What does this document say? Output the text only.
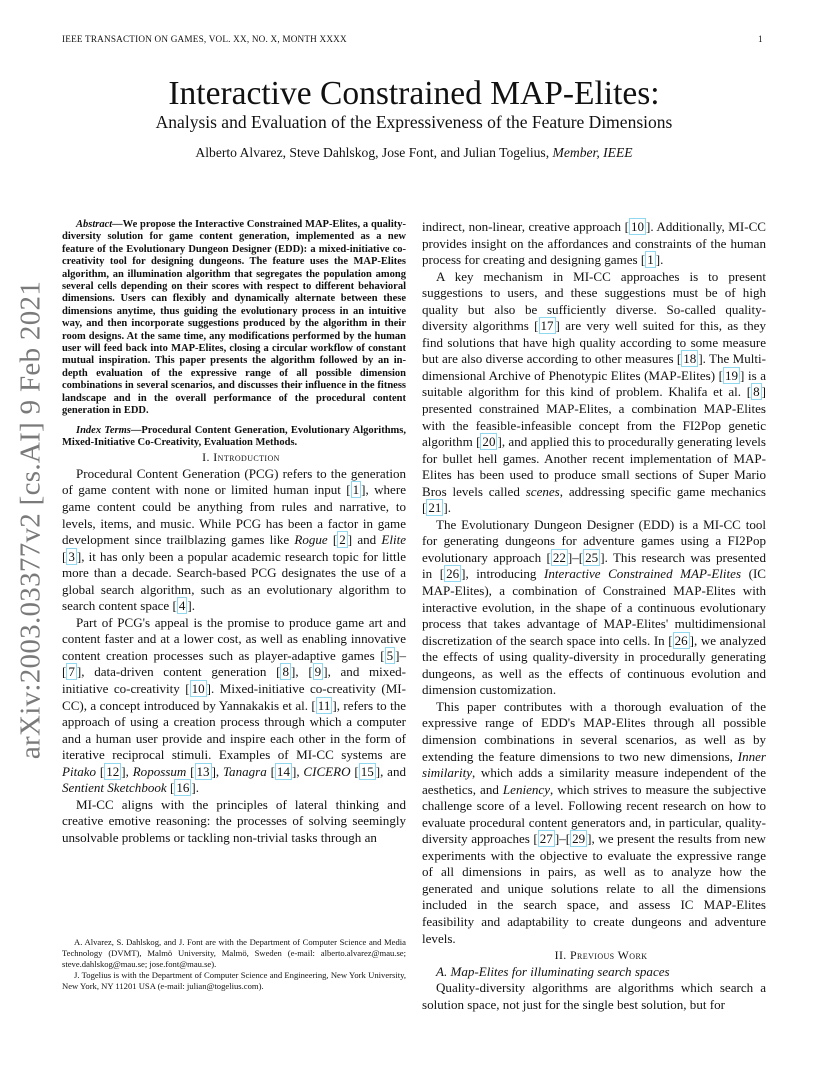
IEEE TRANSACTION ON GAMES, VOL. XX, NO. X, MONTH XXXX	1
arXiv:2003.03377v2 [cs.AI] 9 Feb 2021
Interactive Constrained MAP-Elites:
Analysis and Evaluation of the Expressiveness of the Feature Dimensions
Alberto Alvarez, Steve Dahlskog, Jose Font, and Julian Togelius, Member, IEEE

Abstract—We propose the Interactive Constrained MAP-Elites, a quality-diversity solution for game content generation, implemented as a new feature of the Evolutionary Dungeon Designer (EDD): a mixed-initiative co-creativity tool for designing dungeons. The feature uses the MAP-Elites algorithm, an illumination algorithm that segregates the population among several cells depending on their scores with respect to different behavioral dimensions. Users can flexibly and dynamically alternate between these dimensions anytime, thus guiding the evolutionary process in an intuitive way, and then incorporate suggestions produced by the algorithm in their room designs. At the same time, any modifications performed by the human user will feed back into MAP-Elites, closing a circular workflow of constant mutual inspiration. This paper presents the algorithm followed by an in-depth evaluation of the expressive range of all possible dimension combinations in several scenarios, and discusses their influence in the fitness landscape and in the overall performance of the procedural content generation in EDD.

Index Terms—Procedural Content Generation, Evolutionary Algorithms, Mixed-Initiative Co-Creativity, Evaluation Methods.

I. Introduction

Procedural Content Generation (PCG) refers to the generation of game content with none or limited human input [ 1 ], where game content could be anything from rules and narrative, to levels, items, and music. While PCG has been a factor in game development since trailblazing games like Rogue [ 2 ] and Elite [ 3 ], it has only been a popular academic research topic for little more than a decade. Search-based PCG designates the use of a global search algorithm, such as an evolutionary algorithm to search content space [ 4 ].

Part of PCG's appeal is the promise to produce game art and content faster and at a lower cost, as well as enabling innovative content creation processes such as player-adaptive games [ 5 ]–[ 7 ], data-driven content generation [ 8 ], [ 9 ], and mixed-initiative co-creativity [ 10 ]. Mixed-initiative co-creativity (MI-CC), a concept introduced by Yannakakis et al. [ 11 ], refers to the approach of using a creation process through which a computer and a human user provide and inspire each other in the form of iterative reciprocal stimuli. Examples of MI-CC systems are Pitako [ 12 ], Ropossum [ 13 ], Tanagra [ 14 ], CICERO [ 15 ], and Sentient Sketchbook [ 16 ].

MI-CC aligns with the principles of lateral thinking and creative emotive reasoning: the processes of solving seemingly unsolvable problems or tackling non-trivial tasks through an

A. Alvarez, S. Dahlskog, and J. Font are with the Department of Computer Science and Media Technology (DVMT), Malmö University, Malmö, Sweden (e-mail: alberto.alvarez@mau.se; steve.dahlskog@mau.se; jose.font@mau.se).

J. Togelius is with the Department of Computer Science and Engineering, New York University, New York, NY 11201 USA (e-mail: julian@togelius.com).

indirect, non-linear, creative approach [ 10 ]. Additionally, MI-CC provides insight on the affordances and constraints of the human process for creating and designing games [ 1 ].

A key mechanism in MI-CC approaches is to present suggestions to users, and these suggestions must be of high quality but also be sufficiently diverse. So-called quality-diversity algorithms [ 17 ] are very well suited for this, as they find solutions that have high quality according to some measure but are also diverse according to other measures [ 18 ]. The Multi-dimensional Archive of Phenotypic Elites (MAP-Elites) [ 19 ] is a suitable algorithm for this kind of problem. Khalifa et al. [ 8 ] presented constrained MAP-Elites, a combination MAP-Elites with the feasible-infeasible concept from the FI2Pop genetic algorithm [ 20 ], and applied this to procedurally generating levels for bullet hell games. Another recent implementation of MAP-Elites has been used to produce small sections of Super Mario Bros levels called scenes, addressing specific game mechanics [ 21 ].

The Evolutionary Dungeon Designer (EDD) is a MI-CC tool for generating dungeons for adventure games using a FI2Pop evolutionary approach [ 22 ]–[ 25 ]. This research was presented in [ 26 ], introducing Interactive Constrained MAP-Elites (IC MAP-Elites), a combination of Constrained MAP-Elites with interactive evolution, in the shape of a continuous evolutionary process that takes advantage of MAP-Elites' multidimensional discretization of the search space into cells. In [ 26 ], we analyzed the effects of using quality-diversity in procedurally generating dungeons, as well as the effects of continuous evolution and dimension customization.

This paper contributes with a thorough evaluation of the expressive range of EDD's MAP-Elites through all possible dimension combinations in several scenarios, as well as by extending the feature dimensions to two new dimensions, Inner similarity, which adds a similarity measure independent of the aesthetics, and Leniency, which strives to measure the subjective challenge score of a level. Following recent research on how to evaluate procedural content generators and, in particular, quality-diversity approaches [ 27 ]–[ 29 ], we present the results from new experiments with the objective to evaluate the expressive range of all dimensions in pairs, as well as to analyze how the generated and unique solutions relate to all the dimensions included in the search space, and assess IC MAP-Elites feasibility and adaptability to create dungeons and adventure levels.

II. Previous Work

A. Map-Elites for illuminating search spaces

Quality-diversity algorithms are algorithms which search a solution space, not just for the single best solution, but for
